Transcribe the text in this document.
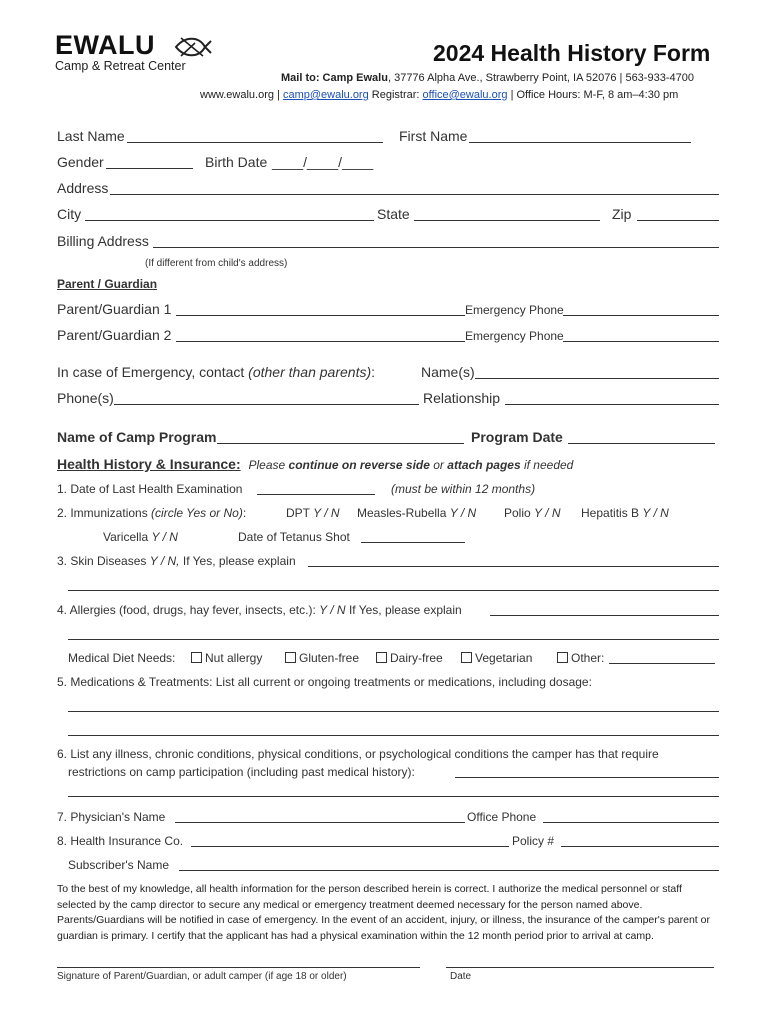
EWALU
Camp & Retreat Center	2024 Health History Form
Mail to: Camp Ewalu, 37776 Alpha Ave., Strawberry Point, IA 52076 | 563-933-4700
www.ewalu.org | camp@ewalu.org Registrar: office@ewalu.org | Office Hours: M-F, 8 am–4:30 pm
Last Name	First Name
Gender	Birth Date ____/____/____
Address
City	State	Zip
Billing Address
(If different from child's address)
Parent / Guardian
Parent/Guardian 1	Emergency Phone
Parent/Guardian 2	Emergency Phone
In case of Emergency, contact (other than parents):	Name(s)
Phone(s)	Relationship
Name of Camp Program	Program Date
Health History & Insurance: Please continue on reverse side or attach pages if needed
1. Date of Last Health Examination	(must be within 12 months)
2. Immunizations (circle Yes or No):	DPT Y / N Measles-Rubella Y / N Polio Y / N Hepatitis B Y / N
Varicella Y / N	Date of Tetanus Shot
3. Skin Diseases Y / N, If Yes, please explain
4. Allergies (food, drugs, hay fever, insects, etc.): Y / N If Yes, please explain
Medical Diet Needs:	Nut allergy	Gluten-free	Dairy-free	Vegetarian	Other:
5. Medications & Treatments: List all current or ongoing treatments or medications, including dosage:
6. List any illness, chronic conditions, physical conditions, or psychological conditions the camper has that require
restrictions on camp participation (including past medical history):
7. Physician's Name	Office Phone
8. Health Insurance Co.	Policy #
Subscriber's Name
To the best of my knowledge, all health information for the person described herein is correct. I authorize the medical personnel or staff selected by the camp director to secure any medical or emergency treatment deemed necessary for the person named above. Parents/Guardians will be notified in case of emergency. In the event of an accident, injury, or illness, the insurance of the camper's parent or guardian is primary. I certify that the applicant has had a physical examination within the 12 month period prior to arrival at camp.
Signature of Parent/Guardian, or adult camper (if age 18 or older)	Date
